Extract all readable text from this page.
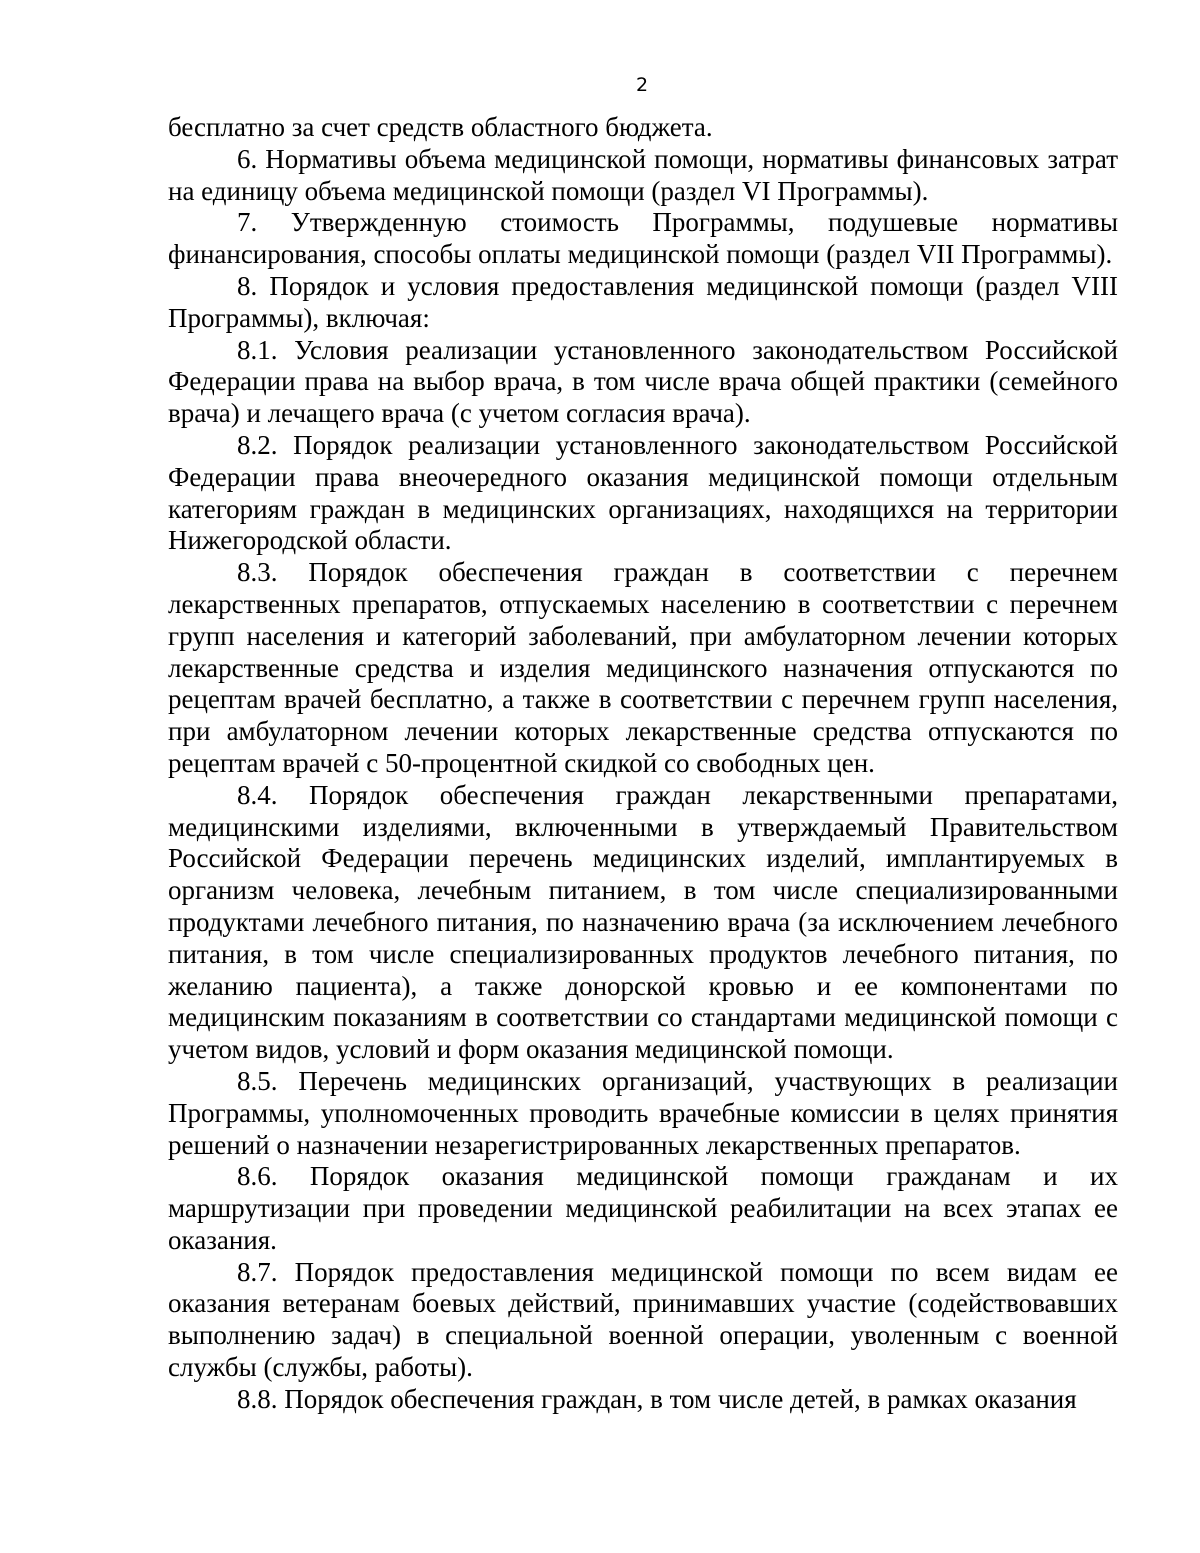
2

бесплатно за счет средств областного бюджета.

6. Нормативы объема медицинской помощи, нормативы финансовых затрат на единицу объема медицинской помощи (раздел VI Программы).

7. Утвержденную стоимость Программы, подушевые нормативы финансирования, способы оплаты медицинской помощи (раздел VII Программы).

8. Порядок и условия предоставления медицинской помощи (раздел VIII Программы), включая:

8.1. Условия реализации установленного законодательством Российской Федерации права на выбор врача, в том числе врача общей практики (семейного врача) и лечащего врача (с учетом согласия врача).

8.2. Порядок реализации установленного законодательством Российской Федерации права внеочередного оказания медицинской помощи отдельным категориям граждан в медицинских организациях, находящихся на территории Нижегородской области.

8.3. Порядок обеспечения граждан в соответствии с перечнем лекарственных препаратов, отпускаемых населению в соответствии с перечнем групп населения и категорий заболеваний, при амбулаторном лечении которых лекарственные средства и изделия медицинского назначения отпускаются по рецептам врачей бесплатно, а также в соответствии с перечнем групп населения, при амбулаторном лечении которых лекарственные средства отпускаются по рецептам врачей с 50-процентной скидкой со свободных цен.

8.4. Порядок обеспечения граждан лекарственными препаратами, медицинскими изделиями, включенными в утверждаемый Правительством Российской Федерации перечень медицинских изделий, имплантируемых в организм человека, лечебным питанием, в том числе специализированными продуктами лечебного питания, по назначению врача (за исключением лечебного питания, в том числе специализированных продуктов лечебного питания, по желанию пациента), а также донорской кровью и ее компонентами по медицинским показаниям в соответствии со стандартами медицинской помощи с учетом видов, условий и форм оказания медицинской помощи.

8.5. Перечень медицинских организаций, участвующих в реализации Программы, уполномоченных проводить врачебные комиссии в целях принятия решений о назначении незарегистрированных лекарственных препаратов.

8.6. Порядок оказания медицинской помощи гражданам и их маршрутизации при проведении медицинской реабилитации на всех этапах ее оказания.

8.7. Порядок предоставления медицинской помощи по всем видам ее оказания ветеранам боевых действий, принимавших участие (содействовавших выполнению задач) в специальной военной операции, уволенным с военной службы (службы, работы).

8.8. Порядок обеспечения граждан, в том числе детей, в рамках оказания
